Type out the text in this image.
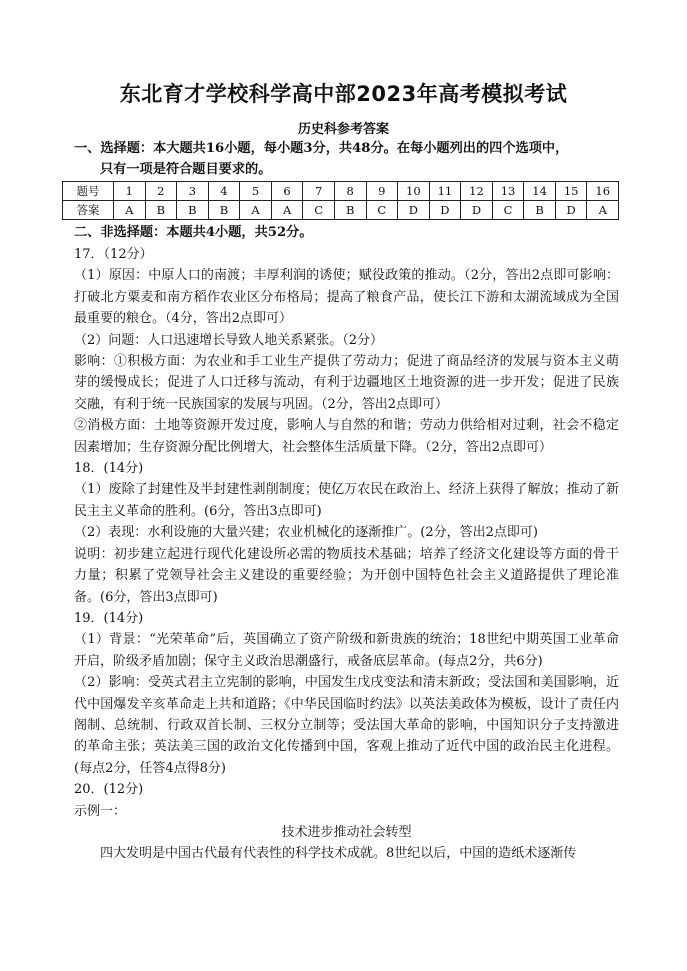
东北育才学校科学高中部2023年高考模拟考试
历史科参考答案
一、选择题：本大题共16小题，每小题3分，共48分。在每小题列出的四个选项中，
只有一项是符合题目要求的。
题号	1	2	3	4	5	6	7	8	9	10	11	12	13	14	15	16
答案	A	B	B	B	A	A	C	B	C	D	D	D	C	B	D	A
二、非选择题：本题共4小题，共52分。

17．（12分）

（1）原因：中原人口的南渡；丰厚利润的诱使；赋役政策的推动。（2分，答出2点即可影响：打破北方粟麦和南方稻作农业区分布格局；提高了粮食产品，使长江下游和太湖流域成为全国最重要的粮仓。（4分，答出2点即可）

（2）问题：人口迅速增长导致人地关系紧张。（2分）

影响：①积极方面：为农业和手工业生产提供了劳动力；促进了商品经济的发展与资本主义萌芽的缓慢成长；促进了人口迁移与流动，有利于边疆地区土地资源的进一步开发；促进了民族交融，有利于统一民族国家的发展与巩固。（2分，答出2点即可）

②消极方面：土地等资源开发过度，影响人与自然的和谐；劳动力供给相对过剩，社会不稳定因素增加；生存资源分配比例增大，社会整体生活质量下降。（2分，答出2点即可）

18．(14分)

（1）废除了封建性及半封建性剥削制度；使亿万农民在政治上、经济上获得了解放；推动了新民主主义革命的胜利。(6分，答出3点即可)

（2）表现：水利设施的大量兴建；农业机械化的逐渐推广。(2分，答出2点即可)

说明：初步建立起进行现代化建设所必需的物质技术基础；培养了经济文化建设等方面的骨干力量；积累了党领导社会主义建设的重要经验；为开创中国特色社会主义道路提供了理论准备。(6分，答出3点即可)

19．(14分)

（1）背景：“光荣革命”后，英国确立了资产阶级和新贵族的统治；18世纪中期英国工业革命开启，阶级矛盾加剧；保守主义政治思潮盛行，戒备底层革命。(每点2分，共6分)

（2）影响：受英式君主立宪制的影响，中国发生戊戌变法和清末新政；受法国和美国影响，近代中国爆发辛亥革命走上共和道路；《中华民国临时约法》以英法美政体为模板，设计了责任内阁制、总统制、行政双首长制、三权分立制等；受法国大革命的影响，中国知识分子支持激进的革命主张；英法美三国的政治文化传播到中国，客观上推动了近代中国的政治民主化进程。(每点2分，任答4点得8分)

20．(12分)

示例一：

技术进步推动社会转型

四大发明是中国古代最有代表性的科学技术成就。8世纪以后，中国的造纸术逐渐传
